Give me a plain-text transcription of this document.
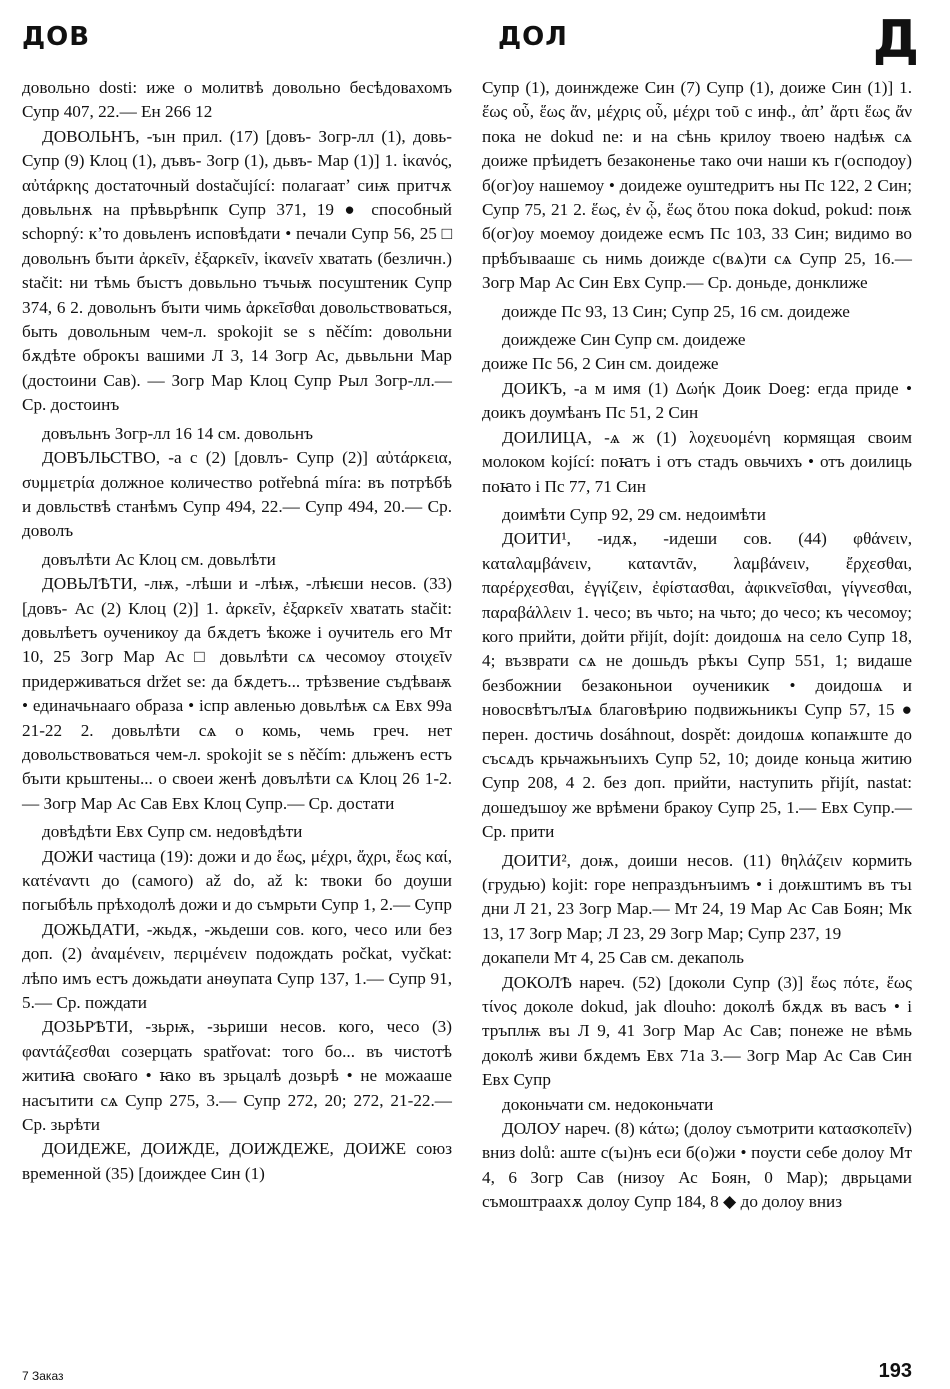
ДОВ	ДОЛ	Д

довольно dosti: иже о молитвѣ довольно бесѣдовахомъ Супр 407, 22.— Ен 266 12

ДОВОЛЬНЪ, -ъıн прил. (17) [довъ- Зогр-лл (1), довь- Супр (9) Клоц (1), дъвъ- Зогр (1), дьвъ- Мар (1)] 1. ἱκανός, αὐτάρκης достаточный dostačující: полагаатʼ сиѭ притчѫ довьльнѫ на прѣвьрѣнпк Супр 371, 19 ● способный schopný: кʼто довьленъ исповѣдати • печали Супр 56, 25 □ довольнъ бъıти ἀρκεῖν, ἐξαρκεῖν, ἱκανεῖν хватать (безличн.) stačit: ни тѣмь бъıстъ довьльно тъчьѭ посуштеник Супр 374, 6 2. довольнъ бъıти чимь ἀρκεῖσθαι довольствоваться, быть довольным чем-л. spokojit se s něčím: довольни бѫдѣте оброкъı вашими Л 3, 14 Зогр Ас, дьвьльни Мар (достоини Сав). — Зогр Мар Клоц Супр Рыл Зогр-лл.— Ср. достоинъ

довъльнъ Зогр-лл 16 14 см. довольнъ

ДОВЪЛЬСТВО, -а с (2) [довлъ- Супр (2)] αὐτάρκεια, συμμετρία должное количество potřebná míra: въ потрѣбѣ и довльствѣ станѣмъ Супр 494, 22.— Супр 494, 20.— Ср. доволъ

довълѣти Ас Клоц см. довьлѣти

ДОВЬЛѢТИ, -лѭ, -лѣши и -лѣѭ, -лѣѥши несов. (33) [довъ- Ас (2) Клоц (2)] 1. ἀρκεῖν, ἐξαρκεῖν хватать stačit: довьлѣетъ оученикоу да бѫдетъ ѣкоже і оучитель его Мт 10, 25 Зогр Мар Ас □ довьлѣти сѧ чесомоу στοιχεῖν придерживаться držet se: да бѫдетъ... трѣзвение съдѣваѭ • единачьнааго образа • іспр авленью довьлѣѭ сѧ Евх 99а 21-22 2. довьлѣти сѧ о комь, чемь греч. нет довольствоваться чем-л. spokojit se s něčím: дльженъ естъ бъıти крьштены... о своеи женѣ довълѣти сѧ Клоц 26 1-2.— Зогр Мар Ас Сав Евх Клоц Супр.— Ср. достати

довѣдѣти Евх Супр см. недовѣдѣти

ДОЖИ частица (19): дожи и до ἕως, μέχρι, ἄχρι, ἕως καί, κατέναντι до (самого) až do, až k: твоки бо доуши погыбѣль прѣходолѣ дожи и до съмрьти Супр 1, 2.— Супр

ДОЖЬДАТИ, -жьдѫ, -жьдеши сов. кого, чесо или без доп. (2) ἀναμένειν, περιμένειν подождать počkat, vyčkat: лѣпо имъ естъ дожьдати анѳупата Супр 137, 1.— Супр 91, 5.— Ср. пождати

ДОЗЬРѢТИ, -зьрѭ, -зьриши несов. кого, чесо (3) φαντάζεσθαι созерцать spatřovat: того бо... въ чистотѣ житиꙗ своꙗго • ꙗко въ зрьцалѣ дозьрѣ • не можааше насъıтити сѧ Супр 275, 3.— Супр 272, 20; 272, 21-22.— Ср. зьрѣти

ДОИДЕЖЕ, ДОИЖДЕ, ДОИЖДЕЖЕ, ДОИЖЕ союз временной (35) [доиждее Син (1)

Супр (1), доинждеже Син (7) Супр (1), доиже Син (1)] 1. ἕως οὗ, ἕως ἄν, μέχρις οὗ, μέχρι τοῦ с инф., ἀπʼ ἄρτι ἕως ἄν пока не dokud ne: и на сѣнь крилоу твоею надѣѭ сѧ доиже прѣидетъ безаконенье тако очи наши къ г(осподоу) б(ог)оу нашемоу • доидеже оуштедритъ ны Пс 122, 2 Син; Супр 75, 21 2. ἕως, ἐν ᾧ, ἕως ὅτου пока dokud, pokud: поѭ б(ог)оу моемоу доидеже есмъ Пс 103, 33 Син; видимо во прѣбъıваашє сь нимь доиждe с(вѧ)ти сѧ Супр 25, 16.— Зогр Мар Ас Син Евх Супр.— Ср. доньде, донклиже

доиждe Пс 93, 13 Син; Супр 25, 16 см. доидеже

доиждеже Син Супр см. доидеже

доиже Пс 56, 2 Син см. доидеже

ДОИКЪ, -а м имя (1) Δωήκ Доик Doeg: егда приде • доикъ доумѣанъ Пс 51, 2 Син

ДОИЛИЦА, -ѧ ж (1) λοχευομένη кормящая своим молоком kojící: поꙗтъ і отъ стадъ овьчихъ • отъ доилиць поꙗто і Пс 77, 71 Син

доимѣти Супр 92, 29 см. недоимѣти

ДОИТИ¹, -идѫ, -идеши сов. (44) φθάνειν, καταλαμβάνειν, καταντᾶν, λαμβάνειν, ἔρχεσθαι, παρέρχεσθαι, ἐγγίζειν, ἐφίστασθαι, ἀφικνεῖσθαι, γίγνεσθαι, παραβάλλειν 1. чесо; въ чьто; на чьто; до чесо; къ чесомоу; кого прийти, дойти přijít, dojít: доидошѧ на село Супр 18, 4; възврати сѧ не дошьдъ рѣкъı Супр 551, 1; видаше безбожнии безаконьнои оученикик • доидошѧ и новосвѣтълꙑѧ благовѣрию подвижьникъı Супр 57, 15 ● перен. достичь dosáhnout, dospět: доидошѧ копаѭште до съсѧдъ крьчажьнъıихъ Супр 52, 10; доиде коньца житию Супр 208, 4 2. без доп. прийти, наступить přijít, nastat: дошедъшоу же врѣмени бракоу Супр 25, 1.— Евх Супр.— Ср. прити

ДОИТИ², доѭ, доиши несов. (11) θηλάζειν кормить (грудью) kojit: горе непраздънъıимъ • і доѭштимъ въ тъı дни Л 21, 23 Зогр Мар.— Мт 24, 19 Мар Ас Сав Боян; Мк 13, 17 Зогр Мар; Л 23, 29 Зогр Мар; Супр 237, 19

докапели Мт 4, 25 Сав см. декаполь

ДОКОЛѢ нареч. (52) [доколи Супр (3)] ἕως πότε, ἕως τίνος доколе dokud, jak dlouho: доколѣ бѫдѫ въ васъ • і тръплѭ въı Л 9, 41 Зогр Мар Ас Сав; понеже не вѣмь доколѣ живи бѫдемъ Евх 71а 3.— Зогр Мар Ас Сав Син Евх Супр

доконьчати см. недоконьчати

ДОЛОУ нареч. (8) κάτω; (долоу съмотрити κατασκοπεῖν) вниз dolů: аште с(ъı)нъ еси б(о)жи • поусти себе долоу Мт 4, 6 Зогр Сав (низоу Ас Боян, 0 Мар); дврьцами съмоштраахѫ долоу Супр 184, 8 ◆ до долоу вниз

7 Заказ	193
